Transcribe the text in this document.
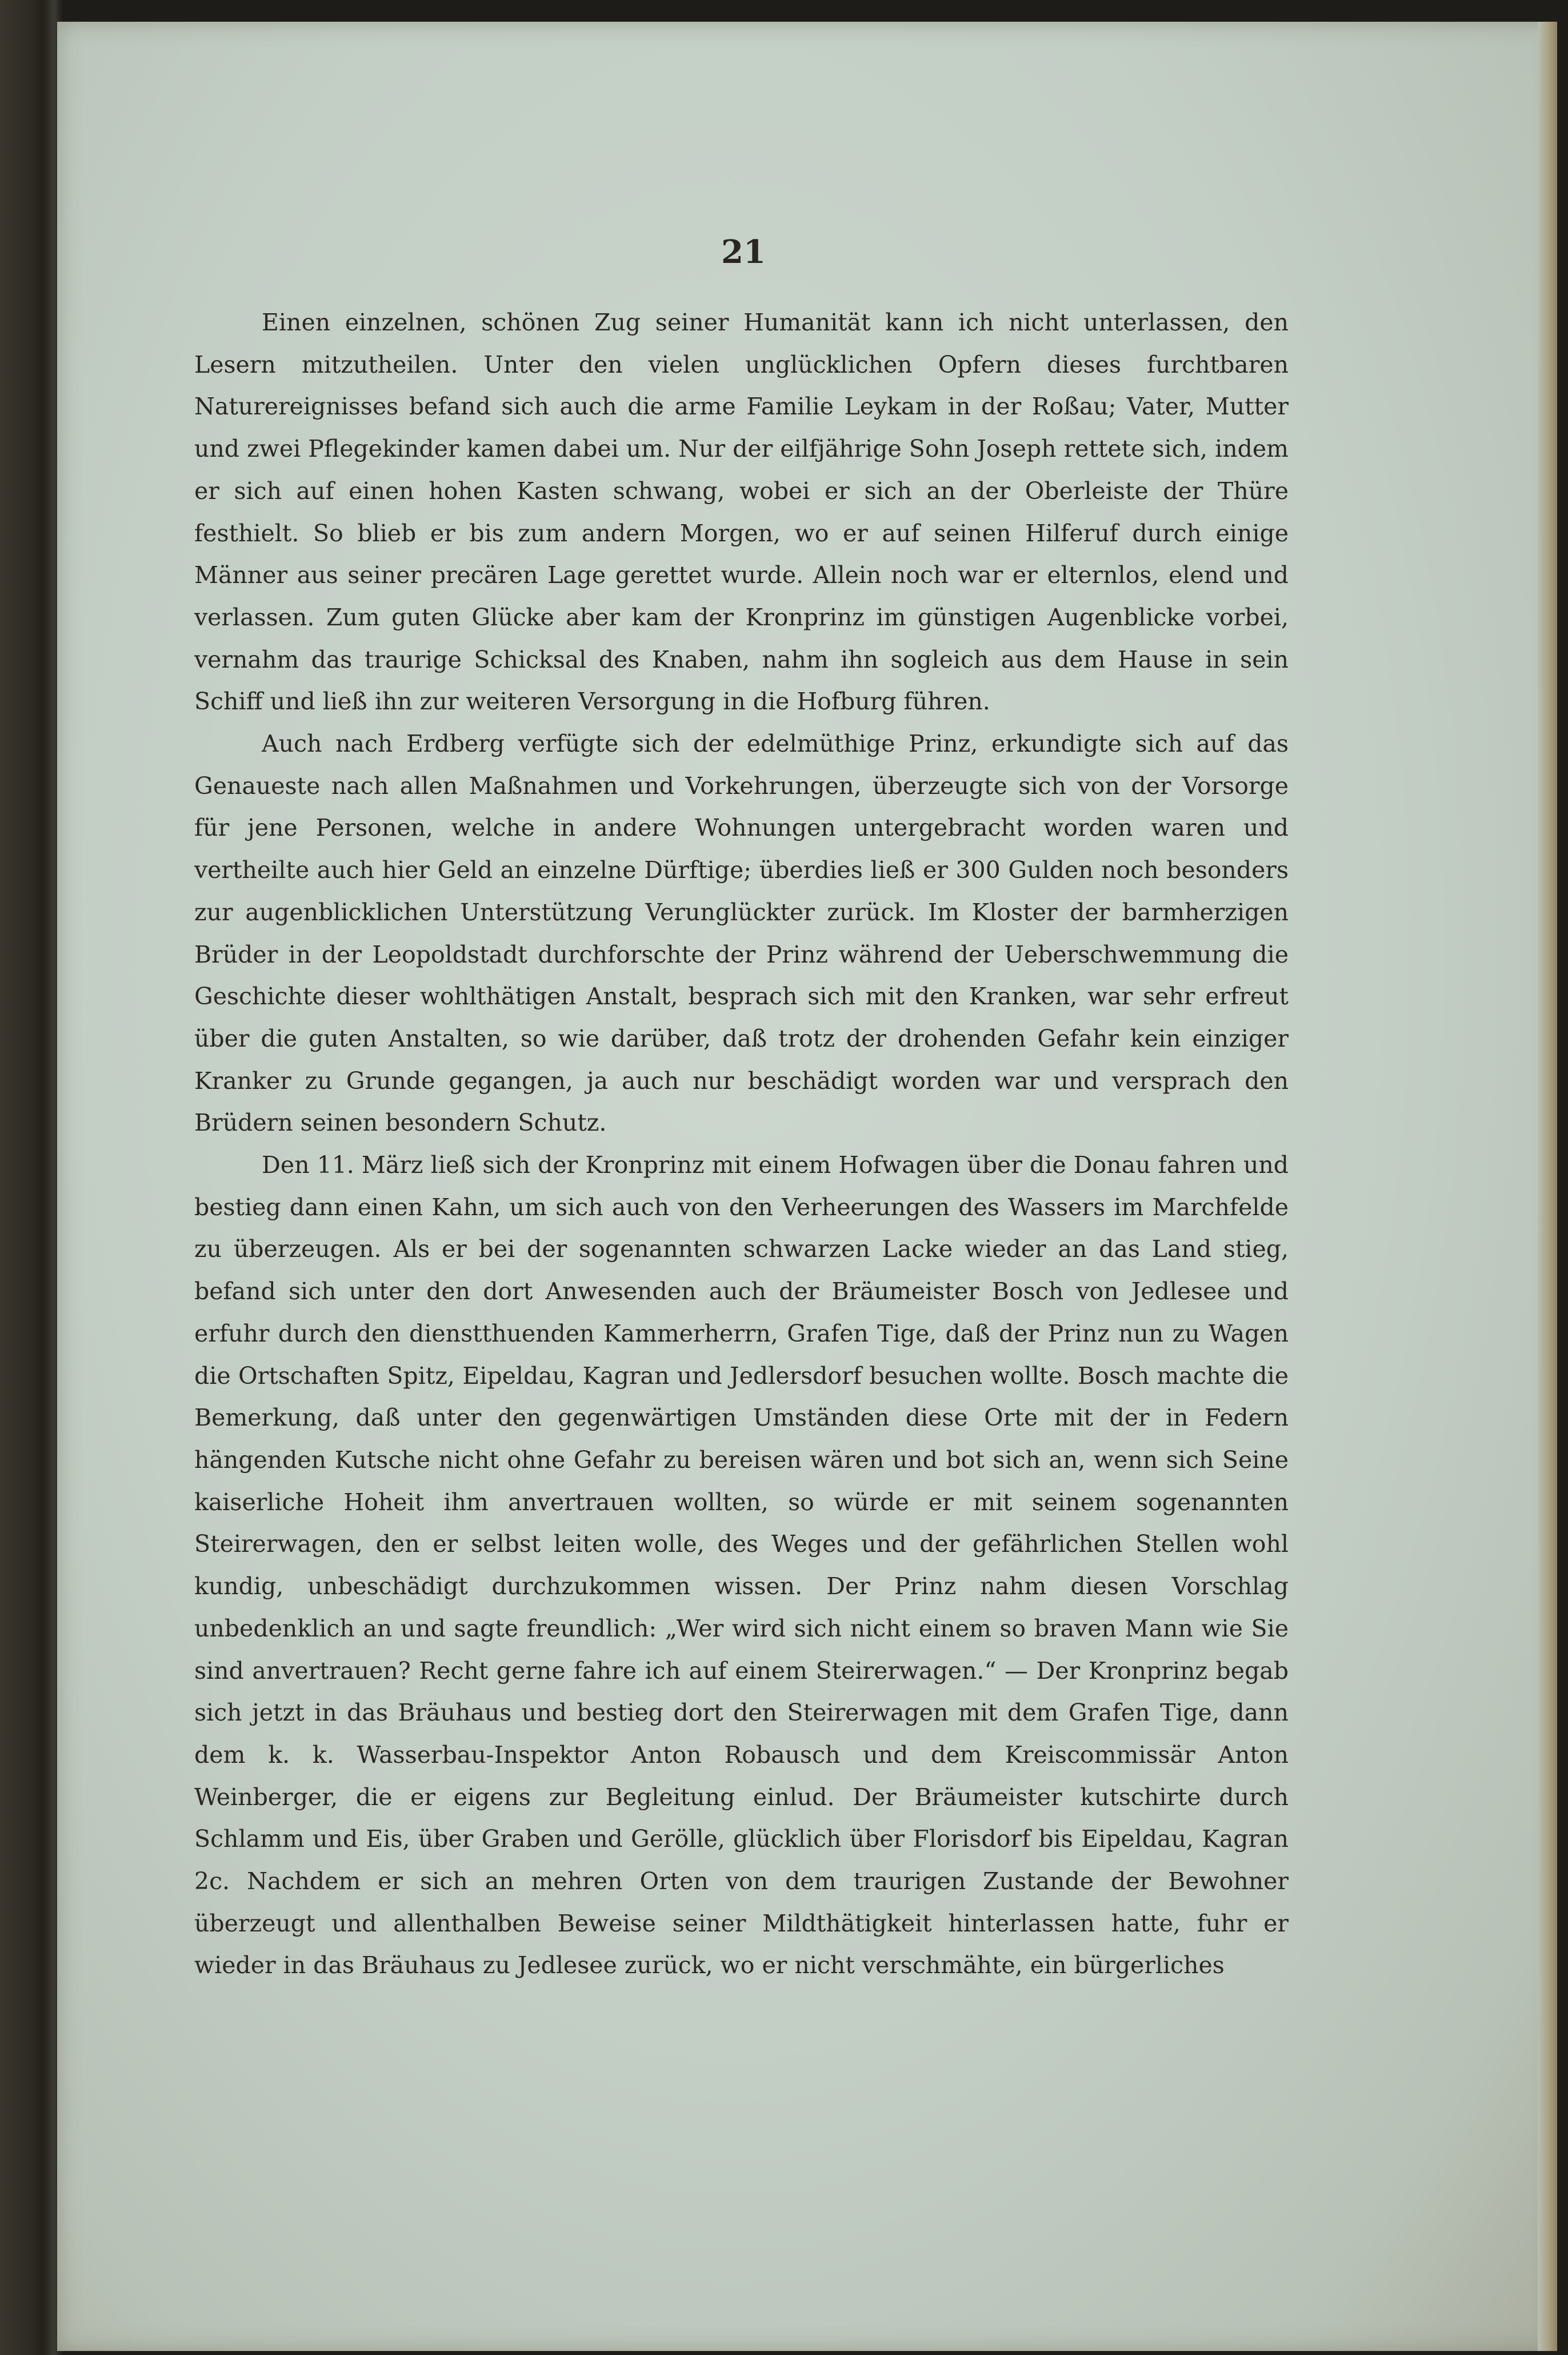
21

Einen einzelnen, schönen Zug seiner Humanität kann ich nicht unterlassen, den Lesern mitzutheilen. Unter den vielen unglücklichen Opfern dieses furchtbaren Naturereignisses befand sich auch die arme Familie Leykam in der Roßau; Vater, Mutter und zwei Pflegekinder kamen dabei um. Nur der eilfjährige Sohn Joseph rettete sich, indem er sich auf einen hohen Kasten schwang, wobei er sich an der Oberleiste der Thüre festhielt. So blieb er bis zum andern Morgen, wo er auf seinen Hilferuf durch einige Männer aus seiner precären Lage gerettet wurde. Allein noch war er elternlos, elend und verlassen. Zum guten Glücke aber kam der Kronprinz im günstigen Augenblicke vorbei, vernahm das traurige Schicksal des Knaben, nahm ihn sogleich aus dem Hause in sein Schiff und ließ ihn zur weiteren Versorgung in die Hofburg führen.

Auch nach Erdberg verfügte sich der edelmüthige Prinz, erkundigte sich auf das Genaueste nach allen Maßnahmen und Vorkehrungen, überzeugte sich von der Vorsorge für jene Personen, welche in andere Wohnungen untergebracht worden waren und vertheilte auch hier Geld an einzelne Dürftige; überdies ließ er 300 Gulden noch besonders zur augenblicklichen Unterstützung Verunglückter zurück. Im Kloster der barmherzigen Brüder in der Leopoldstadt durchforschte der Prinz während der Ueberschwemmung die Geschichte dieser wohlthätigen Anstalt, besprach sich mit den Kranken, war sehr erfreut über die guten Anstalten, so wie darüber, daß trotz der drohenden Gefahr kein einziger Kranker zu Grunde gegangen, ja auch nur beschädigt worden war und versprach den Brüdern seinen besondern Schutz.

Den 11. März ließ sich der Kronprinz mit einem Hofwagen über die Donau fahren und bestieg dann einen Kahn, um sich auch von den Verheerungen des Wassers im Marchfelde zu überzeugen. Als er bei der sogenannten schwarzen Lacke wieder an das Land stieg, befand sich unter den dort Anwesenden auch der Bräumeister Bosch von Jedlesee und erfuhr durch den dienstthuenden Kammerherrn, Grafen Tige, daß der Prinz nun zu Wagen die Ortschaften Spitz, Eipeldau, Kagran und Jedlersdorf besuchen wollte. Bosch machte die Bemerkung, daß unter den gegenwärtigen Umständen diese Orte mit der in Federn hängenden Kutsche nicht ohne Gefahr zu bereisen wären und bot sich an, wenn sich Seine kaiserliche Hoheit ihm anvertrauen wollten, so würde er mit seinem sogenannten Steirerwagen, den er selbst leiten wolle, des Weges und der gefährlichen Stellen wohl kundig, unbeschädigt durchzukommen wissen. Der Prinz nahm diesen Vorschlag unbedenklich an und sagte freundlich: „Wer wird sich nicht einem so braven Mann wie Sie sind anvertrauen? Recht gerne fahre ich auf einem Steirerwagen.“ — Der Kronprinz begab sich jetzt in das Bräuhaus und bestieg dort den Steirerwagen mit dem Grafen Tige, dann dem k. k. Wasserbau-Inspektor Anton Robausch und dem Kreiscommissär Anton Weinberger, die er eigens zur Begleitung einlud. Der Bräumeister kutschirte durch Schlamm und Eis, über Graben und Gerölle, glücklich über Florisdorf bis Eipeldau, Kagran 2c. Nachdem er sich an mehren Orten von dem traurigen Zustande der Bewohner überzeugt und allenthalben Beweise seiner Mildthätigkeit hinterlassen hatte, fuhr er wieder in das Bräuhaus zu Jedlesee zurück, wo er nicht verschmähte, ein bürgerliches
